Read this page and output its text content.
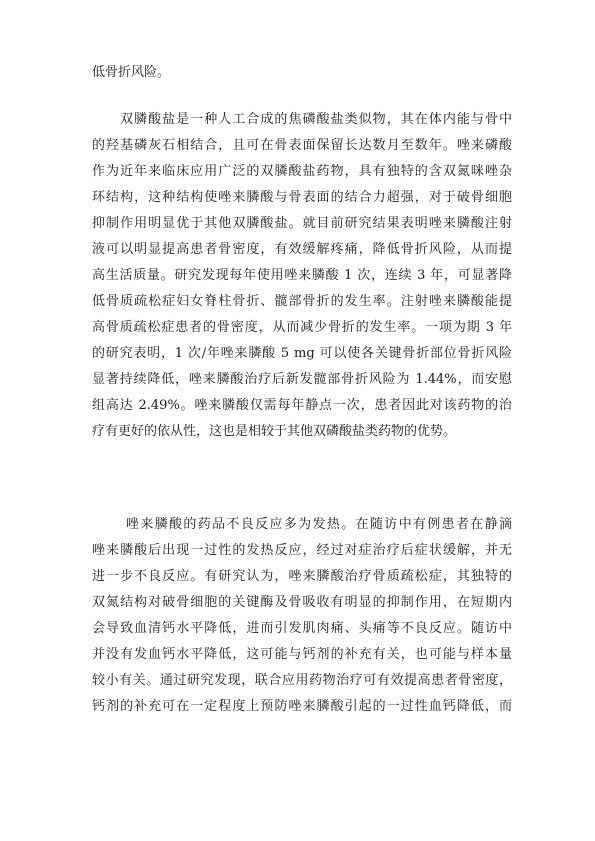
低骨折风险。
双膦酸盐是一种人工合成的焦磷酸盐类似物，其在体内能与骨中
的羟基磷灰石相结合，且可在骨表面保留长达数月至数年。唑来磷酸
作为近年来临床应用广泛的双膦酸盐药物，具有独特的含双氮咪唑杂
环结构，这种结构使唑来膦酸与骨表面的结合力超强，对于破骨细胞
抑制作用明显优于其他双膦酸盐。就目前研究结果表明唑来膦酸注射
液可以明显提高患者骨密度，有效缓解疼痛，降低骨折风险，从而提
高生活质量。研究发现每年使用唑来膦酸 1 次，连续 3 年，可显著降
低骨质疏松症妇女脊柱骨折、髋部骨折的发生率。注射唑来膦酸能提
高骨质疏松症患者的骨密度，从而减少骨折的发生率。一项为期 3 年
的研究表明，1 次/年唑来膦酸 5 mg 可以使各关键骨折部位骨折风险
显著持续降低，唑来膦酸治疗后新发髋部骨折风险为 1.44%，而安慰
组高达 2.49%。唑来膦酸仅需每年静点一次，患者因此对该药物的治
疗有更好的依从性，这也是相较于其他双磷酸盐类药物的优势。
唑来膦酸的药品不良反应多为发热。在随访中有例患者在静滴
唑来膦酸后出现一过性的发热反应，经过对症治疗后症状缓解，并无
进一步不良反应。有研究认为，唑来膦酸治疗骨质疏松症，其独特的
双氮结构对破骨细胞的关键酶及骨吸收有明显的抑制作用，在短期内
会导致血清钙水平降低，进而引发肌肉痛、头痛等不良反应。随访中
并没有发血钙水平降低，这可能与钙剂的补充有关，也可能与样本量
较小有关。通过研究发现，联合应用药物治疗可有效提高患者骨密度，
钙剂的补充可在一定程度上预防唑来膦酸引起的一过性血钙降低，而
